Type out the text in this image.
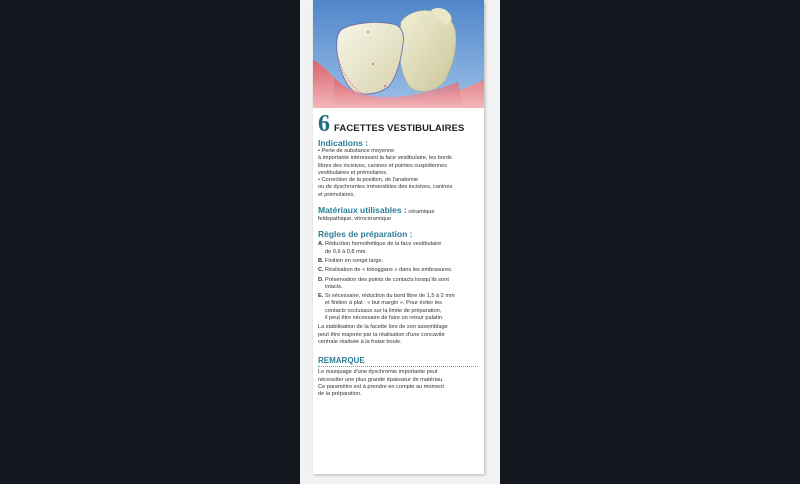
6 FACETTES VESTIBULAIRES
Indications :

• Perte de substance moyenne

à importante intéressant la face vestibulaire, les bords

libres des incisives, canines et pointes cuspidiennes

vestibulaires et prémolaires.

• Correction de la position, de l'anatomie

ou de dyschromies irréversibles des incisives, canines

et prémolaires.

Matériaux utilisables : céramique
feldspathique, vitrocéramique
Règles de préparation :
A. Réduction homothétique de la face vestibulaire
de 0,6 à 0,8 mm.
B. Finition en congé large.
C. Réalisation de « toboggans » dans les embrasures.
D. Préservation des points de contacts lorsqu'ils sont
intacts.
E. Si nécessaire, réduction du bord libre de 1,5 à 2 mm
et finition à plat : « but margin ». Pour éviter les
contacts occlusaux sur la limite de préparation,
il peut être nécessaire de faire un retour palatin.

La stabilisation de la facette lors de son assemblage

peut être majorée par la réalisation d'une concavité

centrale réalisée à la fraise boule.

REMARQUE

Le masquage d'une dyschromie importante peut

nécessiter une plus grande épaisseur de matériau.

Ce paramètre est à prendre en compte au moment

de la préparation.
